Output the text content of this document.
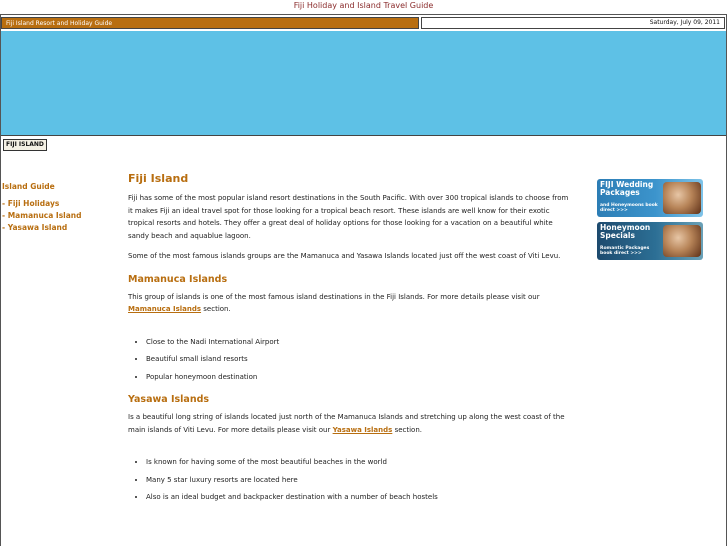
Fiji Holiday and Island Travel Guide
Fiji Island Resort and Holiday Guide	Saturday, July 09, 2011
FIJI ISLAND
Island Guide
- Fiji Holidays
- Mamanuca Island
- Yasawa Island
Fiji Island

Fiji has some of the most popular island resort destinations in the South Pacific. With over 300 tropical islands to choose from it makes Fiji an ideal travel spot for those looking for a tropical beach resort. These islands are well know for their exotic tropical resorts and hotels. They offer a great deal of holiday options for those looking for a vacation on a beautiful white sandy beach and aquablue lagoon.

Some of the most famous islands groups are the Mamanuca and Yasawa Islands located just off the west coast of Viti Levu.

Mamanuca Islands

This group of islands is one of the most famous island destinations in the Fiji Islands. For more details please visit our Mamanuca Islands section.

• Close to the Nadi International Airport
• Beautiful small island resorts
• Popular honeymoon destination
Yasawa Islands

Is a beautiful long string of islands located just north of the Mamanuca Islands and stretching up along the west coast of the main islands of Viti Levu. For more details please visit our Yasawa Islands section.

• Is known for having some of the most beautiful beaches in the world
• Many 5 star luxury resorts are located here
• Also is an ideal budget and backpacker destination with a number of beach hostels
FIJI Wedding Packages
and Honeymoons book direct >>>
Honeymoon Specials
Romantic Packages book direct >>>
